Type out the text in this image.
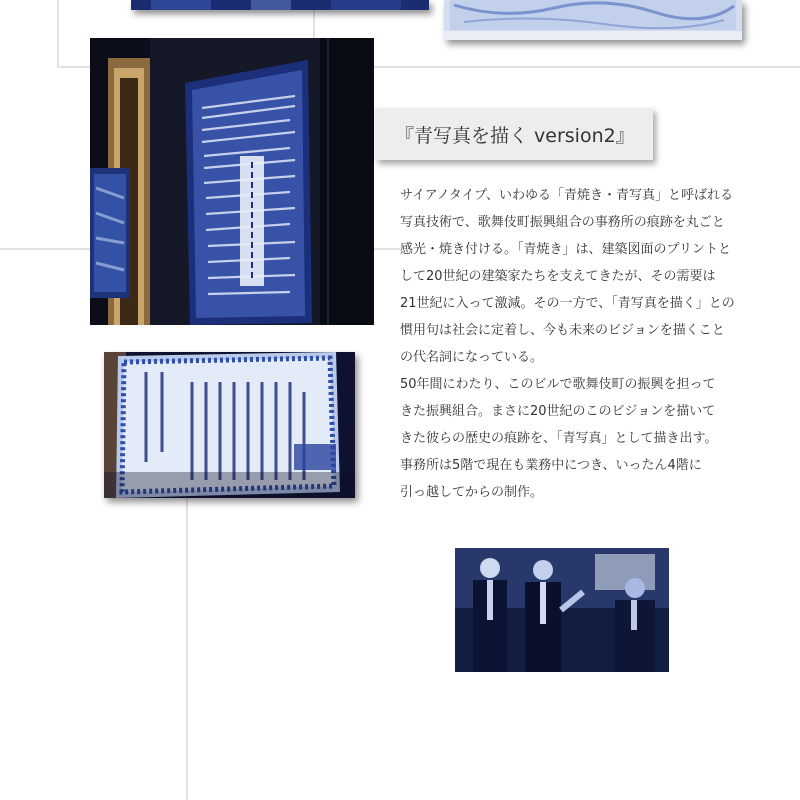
『青写真を描く version2』
サイアノタイプ、いわゆる「青焼き・青写真」と呼ばれる
写真技術で、歌舞伎町振興組合の事務所の痕跡を丸ごと
感光・焼き付ける。「青焼き」は、建築図面のプリントと
して20世紀の建築家たちを支えてきたが、その需要は
21世紀に入って激減。その一方で、「青写真を描く」との
慣用句は社会に定着し、今も未来のビジョンを描くこと
の代名詞になっている。
50年間にわたり、このビルで歌舞伎町の振興を担って
きた振興組合。まさに20世紀のこのビジョンを描いて
きた彼らの歴史の痕跡を、「青写真」として描き出す。
事務所は5階で現在も業務中につき、いったん4階に
引っ越してからの制作。
